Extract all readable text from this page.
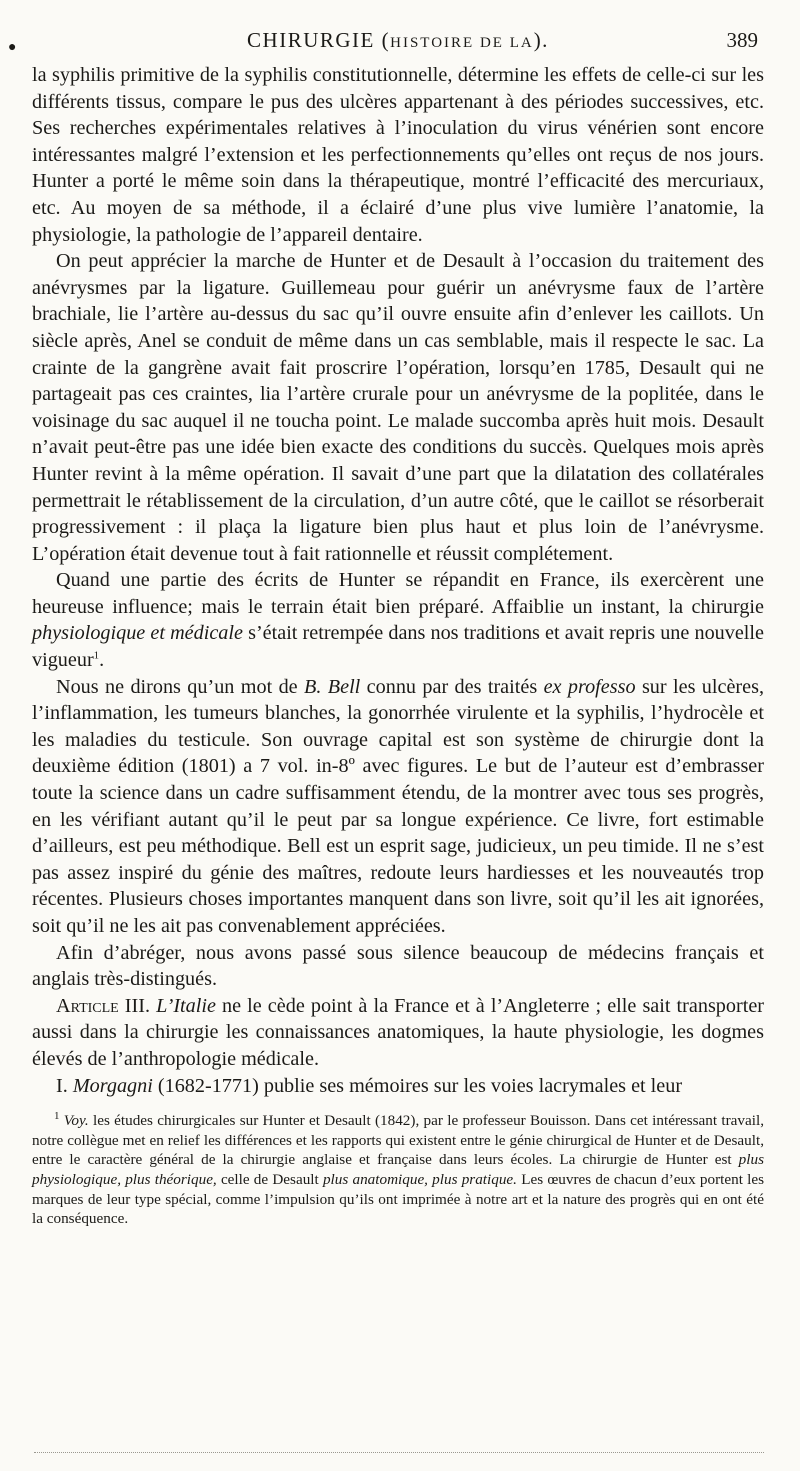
●	CHIRURGIE (HISTOIRE DE LA).	389

la syphilis primitive de la syphilis constitutionnelle, détermine les effets de celle-ci sur les différents tissus, compare le pus des ulcères appartenant à des périodes successives, etc. Ses recherches expérimentales relatives à l’inoculation du virus vénérien sont encore intéressantes malgré l’extension et les perfectionnements qu’elles ont reçus de nos jours. Hunter a porté le même soin dans la thérapeutique, montré l’efficacité des mercuriaux, etc. Au moyen de sa méthode, il a éclairé d’une plus vive lumière l’anatomie, la physiologie, la pathologie de l’appareil dentaire.

On peut apprécier la marche de Hunter et de Desault à l’occasion du traitement des anévrysmes par la ligature. Guillemeau pour guérir un anévrysme faux de l’artère brachiale, lie l’artère au-dessus du sac qu’il ouvre ensuite afin d’enlever les caillots. Un siècle après, Anel se conduit de même dans un cas semblable, mais il respecte le sac. La crainte de la gangrène avait fait proscrire l’opération, lorsqu’en 1785, Desault qui ne partageait pas ces craintes, lia l’artère crurale pour un anévrysme de la poplitée, dans le voisinage du sac auquel il ne toucha point. Le malade succomba après huit mois. Desault n’avait peut-être pas une idée bien exacte des conditions du succès. Quelques mois après Hunter revint à la même opération. Il savait d’une part que la dilatation des collatérales permettrait le rétablissement de la circulation, d’un autre côté, que le caillot se résorberait progressivement : il plaça la ligature bien plus haut et plus loin de l’anévrysme. L’opération était devenue tout à fait rationnelle et réussit complétement.

Quand une partie des écrits de Hunter se répandit en France, ils exercèrent une heureuse influence; mais le terrain était bien préparé. Affaiblie un instant, la chirurgie physiologique et médicale s’était retrempée dans nos traditions et avait repris une nouvelle vigueur$^1$.

Nous ne dirons qu’un mot de B. Bell connu par des traités ex professo sur les ulcères, l’inflammation, les tumeurs blanches, la gonorrhée virulente et la syphilis, l’hydrocèle et les maladies du testicule. Son ouvrage capital est son système de chirurgie dont la deuxième édition (1801) a 7 vol. in-8º avec figures. Le but de l’auteur est d’embrasser toute la science dans un cadre suffisamment étendu, de la montrer avec tous ses progrès, en les vérifiant autant qu’il le peut par sa longue expérience. Ce livre, fort estimable d’ailleurs, est peu méthodique. Bell est un esprit sage, judicieux, un peu timide. Il ne s’est pas assez inspiré du génie des maîtres, redoute leurs hardiesses et les nouveautés trop récentes. Plusieurs choses importantes manquent dans son livre, soit qu’il les ait ignorées, soit qu’il ne les ait pas convenablement appréciées.

Afin d’abréger, nous avons passé sous silence beaucoup de médecins français et anglais très-distingués.

Article III. L’Italie ne le cède point à la France et à l’Angleterre ; elle sait transporter aussi dans la chirurgie les connaissances anatomiques, la haute physiologie, les dogmes élevés de l’anthropologie médicale.

I. Morgagni (1682-1771) publie ses mémoires sur les voies lacrymales et leur

$^1$ Voy. les études chirurgicales sur Hunter et Desault (1842), par le professeur Bouisson. Dans cet intéressant travail, notre collègue met en relief les différences et les rapports qui existent entre le génie chirurgical de Hunter et de Desault, entre le caractère général de la chirurgie anglaise et française dans leurs écoles. La chirurgie de Hunter est plus physiologique, plus théorique, celle de Desault plus anatomique, plus pratique. Les œuvres de chacun d’eux portent les marques de leur type spécial, comme l’impulsion qu’ils ont imprimée à notre art et la nature des progrès qui en ont été la conséquence.
